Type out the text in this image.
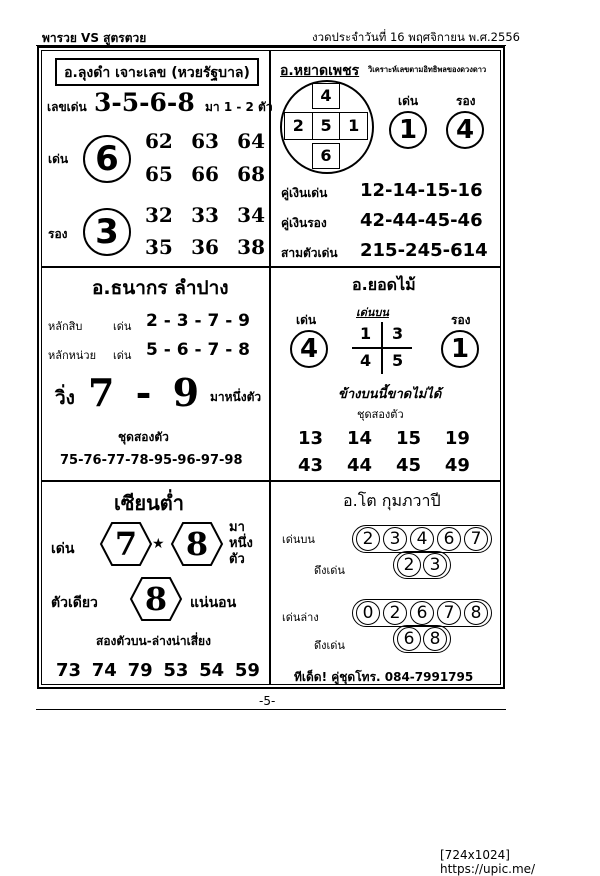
พารวย VS สูตรตวย	งวดประจำวันที่ 16 พฤศจิกายน พ.ศ.2556
อ.ลุงดำ เจาะเลข (หวยรัฐบาล)
เลขเด่น 3-5-6-8 มา 1 - 2 ตัว
เด่น 6	62 63 64
65 66 68
รอง 3	32 33 34
35 36 38
อ.หยาดเพชร วิเคราะห์เลขตามอิทธิพลของดวงดาว
4
2	5	1
6
เด่น	รอง
1	4
คู่เงินเด่น 12-14-15-16
คู่เงินรอง 42-44-45-46
สามตัวเด่น 215-245-614
อ.ธนากร ลำปาง
หลักสิบ	เด่น 2 - 3 - 7 - 9
หลักหน่วย เด่น 5 - 6 - 7 - 8
วิ่ง 7 - 9 มาหนึ่งตัว
ชุดสองตัว
75-76-77-78-95-96-97-98
อ.ยอดไม้
เด่น	รอง
เด่นบน
4	1
1 3
4 5
ข้างบนนี้ขาดไม่ได้
ชุดสองตัว
13 14 15 19
43 44 45 49
เซียนต่ำ
เด่น	7	★ 8	มา
หนึ่ง
ตัว
ตัวเดียว	8	แน่นอน
สองตัวบน-ล่างน่าเสี่ยง
73 74 79 53 54 59
อ.โต กุมภวาปี
เด่นบน	2 3 4 6 7
ดึงเด่น	2 3
เด่นล่าง	0 2 6 7 8
ดึงเด่น	6 8
ทีเด็ด! คู่ชุดโทร. 084-7991795
-5-
[724x1024] https://upic.me/
